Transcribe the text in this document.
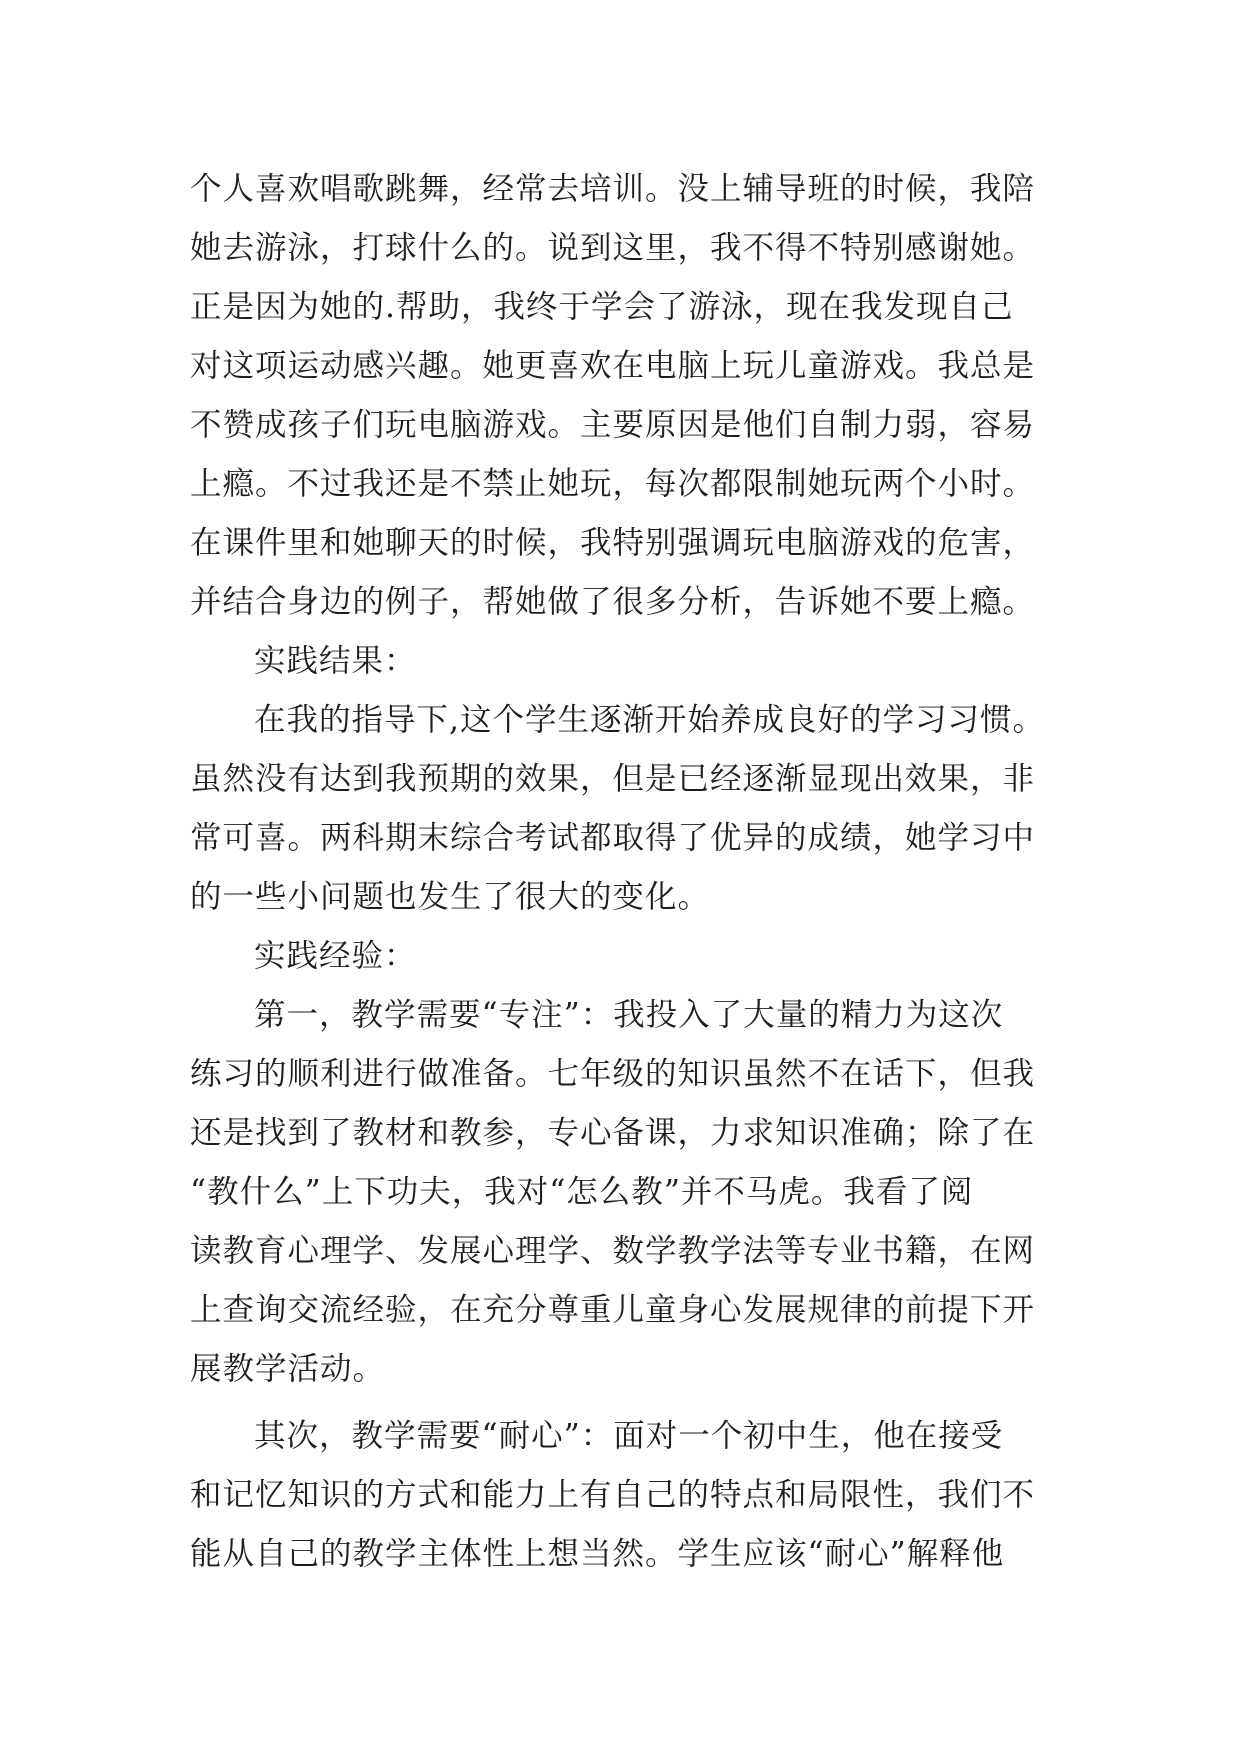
个人喜欢唱歌跳舞，经常去培训。没上辅导班的时候，我陪

她去游泳，打球什么的。说到这里，我不得不特别感谢她。

正是因为她的.帮助，我终于学会了游泳，现在我发现自己

对这项运动感兴趣。她更喜欢在电脑上玩儿童游戏。我总是

不赞成孩子们玩电脑游戏。主要原因是他们自制力弱，容易

上瘾。不过我还是不禁止她玩，每次都限制她玩两个小时。

在课件里和她聊天的时候，我特别强调玩电脑游戏的危害，

并结合身边的例子，帮她做了很多分析，告诉她不要上瘾。

实践结果：

在我的指导下,这个学生逐渐开始养成良好的学习习惯。

虽然没有达到我预期的效果，但是已经逐渐显现出效果，非

常可喜。两科期末综合考试都取得了优异的成绩，她学习中

的一些小问题也发生了很大的变化。

实践经验：

第一，教学需要“专注”：我投入了大量的精力为这次

练习的顺利进行做准备。七年级的知识虽然不在话下，但我

还是找到了教材和教参，专心备课，力求知识准确；除了在

“教什么”上下功夫，我对“怎么教”并不马虎。我看了阅

读教育心理学、发展心理学、数学教学法等专业书籍，在网

上查询交流经验，在充分尊重儿童身心发展规律的前提下开

展教学活动。

其次，教学需要“耐心”：面对一个初中生，他在接受

和记忆知识的方式和能力上有自己的特点和局限性，我们不

能从自己的教学主体性上想当然。学生应该“耐心”解释他
